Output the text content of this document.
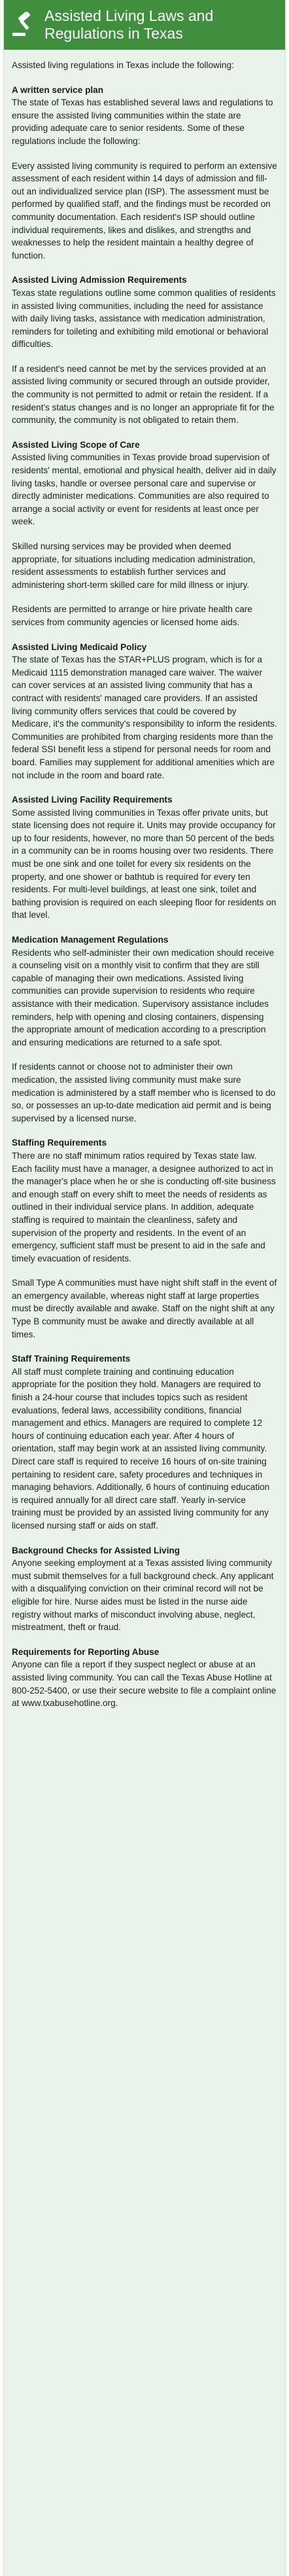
Assisted Living Laws and Regulations in Texas

Assisted living regulations in Texas include the following:

A written service plan

The state of Texas has established several laws and regulations to ensure the assisted living communities within the state are providing adequate care to senior residents. Some of these regulations include the following:

Every assisted living community is required to perform an extensive assessment of each resident within 14 days of admission and fill-out an individualized service plan (ISP). The assessment must be performed by qualified staff, and the findings must be recorded on community documentation. Each resident's ISP should outline individual requirements, likes and dislikes, and strengths and weaknesses to help the resident maintain a healthy degree of function.

Assisted Living Admission Requirements

Texas state regulations outline some common qualities of residents in assisted living communities, including the need for assistance with daily living tasks, assistance with medication administration, reminders for toileting and exhibiting mild emotional or behavioral difficulties.

If a resident's need cannot be met by the services provided at an assisted living community or secured through an outside provider, the community is not permitted to admit or retain the resident. If a resident's status changes and is no longer an appropriate fit for the community, the community is not obligated to retain them.

Assisted Living Scope of Care

Assisted living communities in Texas provide broad supervision of residents' mental, emotional and physical health, deliver aid in daily living tasks, handle or oversee personal care and supervise or directly administer medications. Communities are also required to arrange a social activity or event for residents at least once per week.

Skilled nursing services may be provided when deemed appropriate, for situations including medication administration, resident assessments to establish further services and administering short-term skilled care for mild illness or injury.

Residents are permitted to arrange or hire private health care services from community agencies or licensed home aids.

Assisted Living Medicaid Policy

The state of Texas has the STAR+PLUS program, which is for a Medicaid 1115 demonstration managed care waiver. The waiver can cover services at an assisted living community that has a contract with residents' managed care providers. If an assisted living community offers services that could be covered by Medicare, it's the community's responsibility to inform the residents. Communities are prohibited from charging residents more than the federal SSI benefit less a stipend for personal needs for room and board. Families may supplement for additional amenities which are not include in the room and board rate.

Assisted Living Facility Requirements

Some assisted living communities in Texas offer private units, but state licensing does not require it. Units may provide occupancy for up to four residents, however, no more than 50 percent of the beds in a community can be in rooms housing over two residents. There must be one sink and one toilet for every six residents on the property, and one shower or bathtub is required for every ten residents. For multi-level buildings, at least one sink, toilet and bathing provision is required on each sleeping floor for residents on that level.

Medication Management Regulations

Residents who self-administer their own medication should receive a counseling visit on a monthly visit to confirm that they are still capable of managing their own medications. Assisted living communities can provide supervision to residents who require assistance with their medication. Supervisory assistance includes reminders, help with opening and closing containers, dispensing the appropriate amount of medication according to a prescription and ensuring medications are returned to a safe spot.

If residents cannot or choose not to administer their own medication, the assisted living community must make sure medication is administered by a staff member who is licensed to do so, or possesses an up-to-date medication aid permit and is being supervised by a licensed nurse.

Staffing Requirements

There are no staff minimum ratios required by Texas state law. Each facility must have a manager, a designee authorized to act in the manager's place when he or she is conducting off-site business and enough staff on every shift to meet the needs of residents as outlined in their individual service plans. In addition, adequate staffing is required to maintain the cleanliness, safety and supervision of the property and residents. In the event of an emergency, sufficient staff must be present to aid in the safe and timely evacuation of residents.

Small Type A communities must have night shift staff in the event of an emergency available, whereas night staff at large properties must be directly available and awake. Staff on the night shift at any Type B community must be awake and directly available at all times.

Staff Training Requirements

All staff must complete training and continuing education appropriate for the position they hold. Managers are required to finish a 24-hour course that includes topics such as resident evaluations, federal laws, accessibility conditions, financial management and ethics. Managers are required to complete 12 hours of continuing education each year. After 4 hours of orientation, staff may begin work at an assisted living community. Direct care staff is required to receive 16 hours of on-site training pertaining to resident care, safety procedures and techniques in managing behaviors. Additionally, 6 hours of continuing education is required annually for all direct care staff. Yearly in-service training must be provided by an assisted living community for any licensed nursing staff or aids on staff.

Background Checks for Assisted Living

Anyone seeking employment at a Texas assisted living community must submit themselves for a full background check. Any applicant with a disqualifying conviction on their criminal record will not be eligible for hire. Nurse aides must be listed in the nurse aide registry without marks of misconduct involving abuse, neglect, mistreatment, theft or fraud.

Requirements for Reporting Abuse

Anyone can file a report if they suspect neglect or abuse at an assisted living community. You can call the Texas Abuse Hotline at 800-252-5400, or use their secure website to file a complaint online at www.txabusehotline.org.
